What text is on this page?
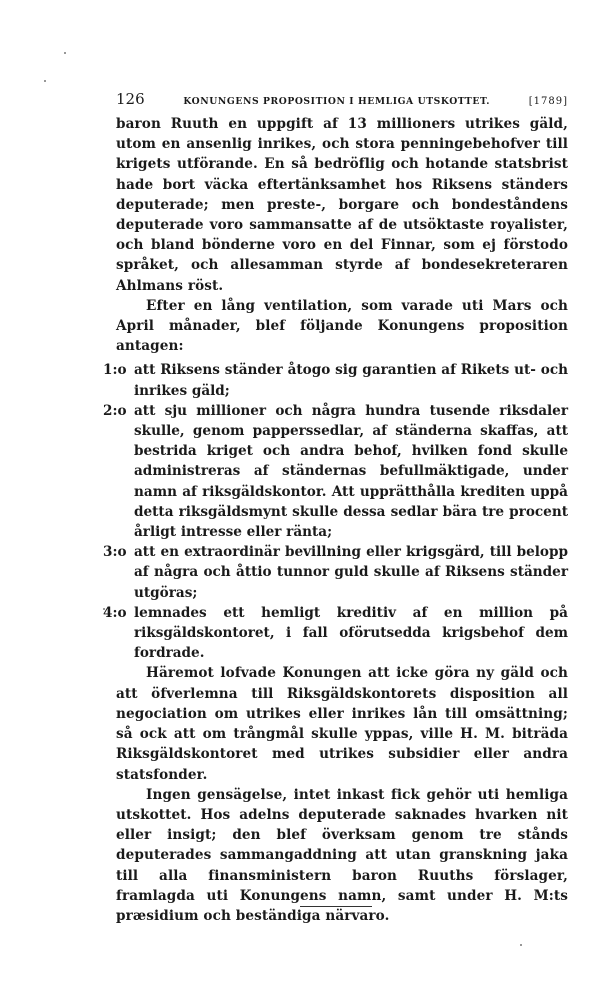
126	KONUNGENS PROPOSITION I HEMLIGA UTSKOTTET.	[1789]

baron Ruuth en uppgift af 13 millioners utrikes gäld, utom en ansenlig inrikes, och stora penningebehofver till krigets utförande. En så bedröflig och hotande statsbrist hade bort väcka eftertänksamhet hos Riksens ständers deputerade; men preste-, borgare och bondeståndens deputerade voro sammansatte af de utsöktaste royalister, och bland bönderne voro en del Finnar, som ej förstodo språket, och allesamman styrde af bondesekreteraren Ahlmans röst.

Efter en lång ventilation, som varade uti Mars och April månader, blef följande Konungens proposition antagen:

1:o att Riksens ständer åtogo sig garantien af Rikets ut- och inrikes gäld;
2:o att sju millioner och några hundra tusende riksdaler skulle, genom papperssedlar, af ständerna skaffas, att bestrida kriget och andra behof, hvilken fond skulle administreras af ständernas befullmäktigade, under namn af riksgäldskontor. Att upprätthålla krediten uppå detta riksgäldsmynt skulle dessa sedlar bära tre procent årligt intresse eller ränta;
3:o att en extraordinär bevillning eller krigsgärd, till belopp af några och åttio tunnor guld skulle af Riksens ständer utgöras;
4:o lemnades ett hemligt kreditiv af en million på riksgäldskontoret, i fall oförutsedda krigsbehof dem fordrade.

Häremot lofvade Konungen att icke göra ny gäld och att öfverlemna till Riksgäldskontorets disposition all negociation om utrikes eller inrikes lån till omsättning; så ock att om trångmål skulle yppas, ville H. M. biträda Riksgäldskontoret med utrikes subsidier eller andra statsfonder.

Ingen gensägelse, intet inkast fick gehör uti hemliga utskottet. Hos adelns deputerade saknades hvarken nit eller insigt; den blef överksam genom tre stånds deputerades sammangaddning att utan granskning jaka till alla finansministern baron Ruuths förslager, framlagda uti Konungens namn, samt under H. M:ts præsidium och beständiga närvaro.
